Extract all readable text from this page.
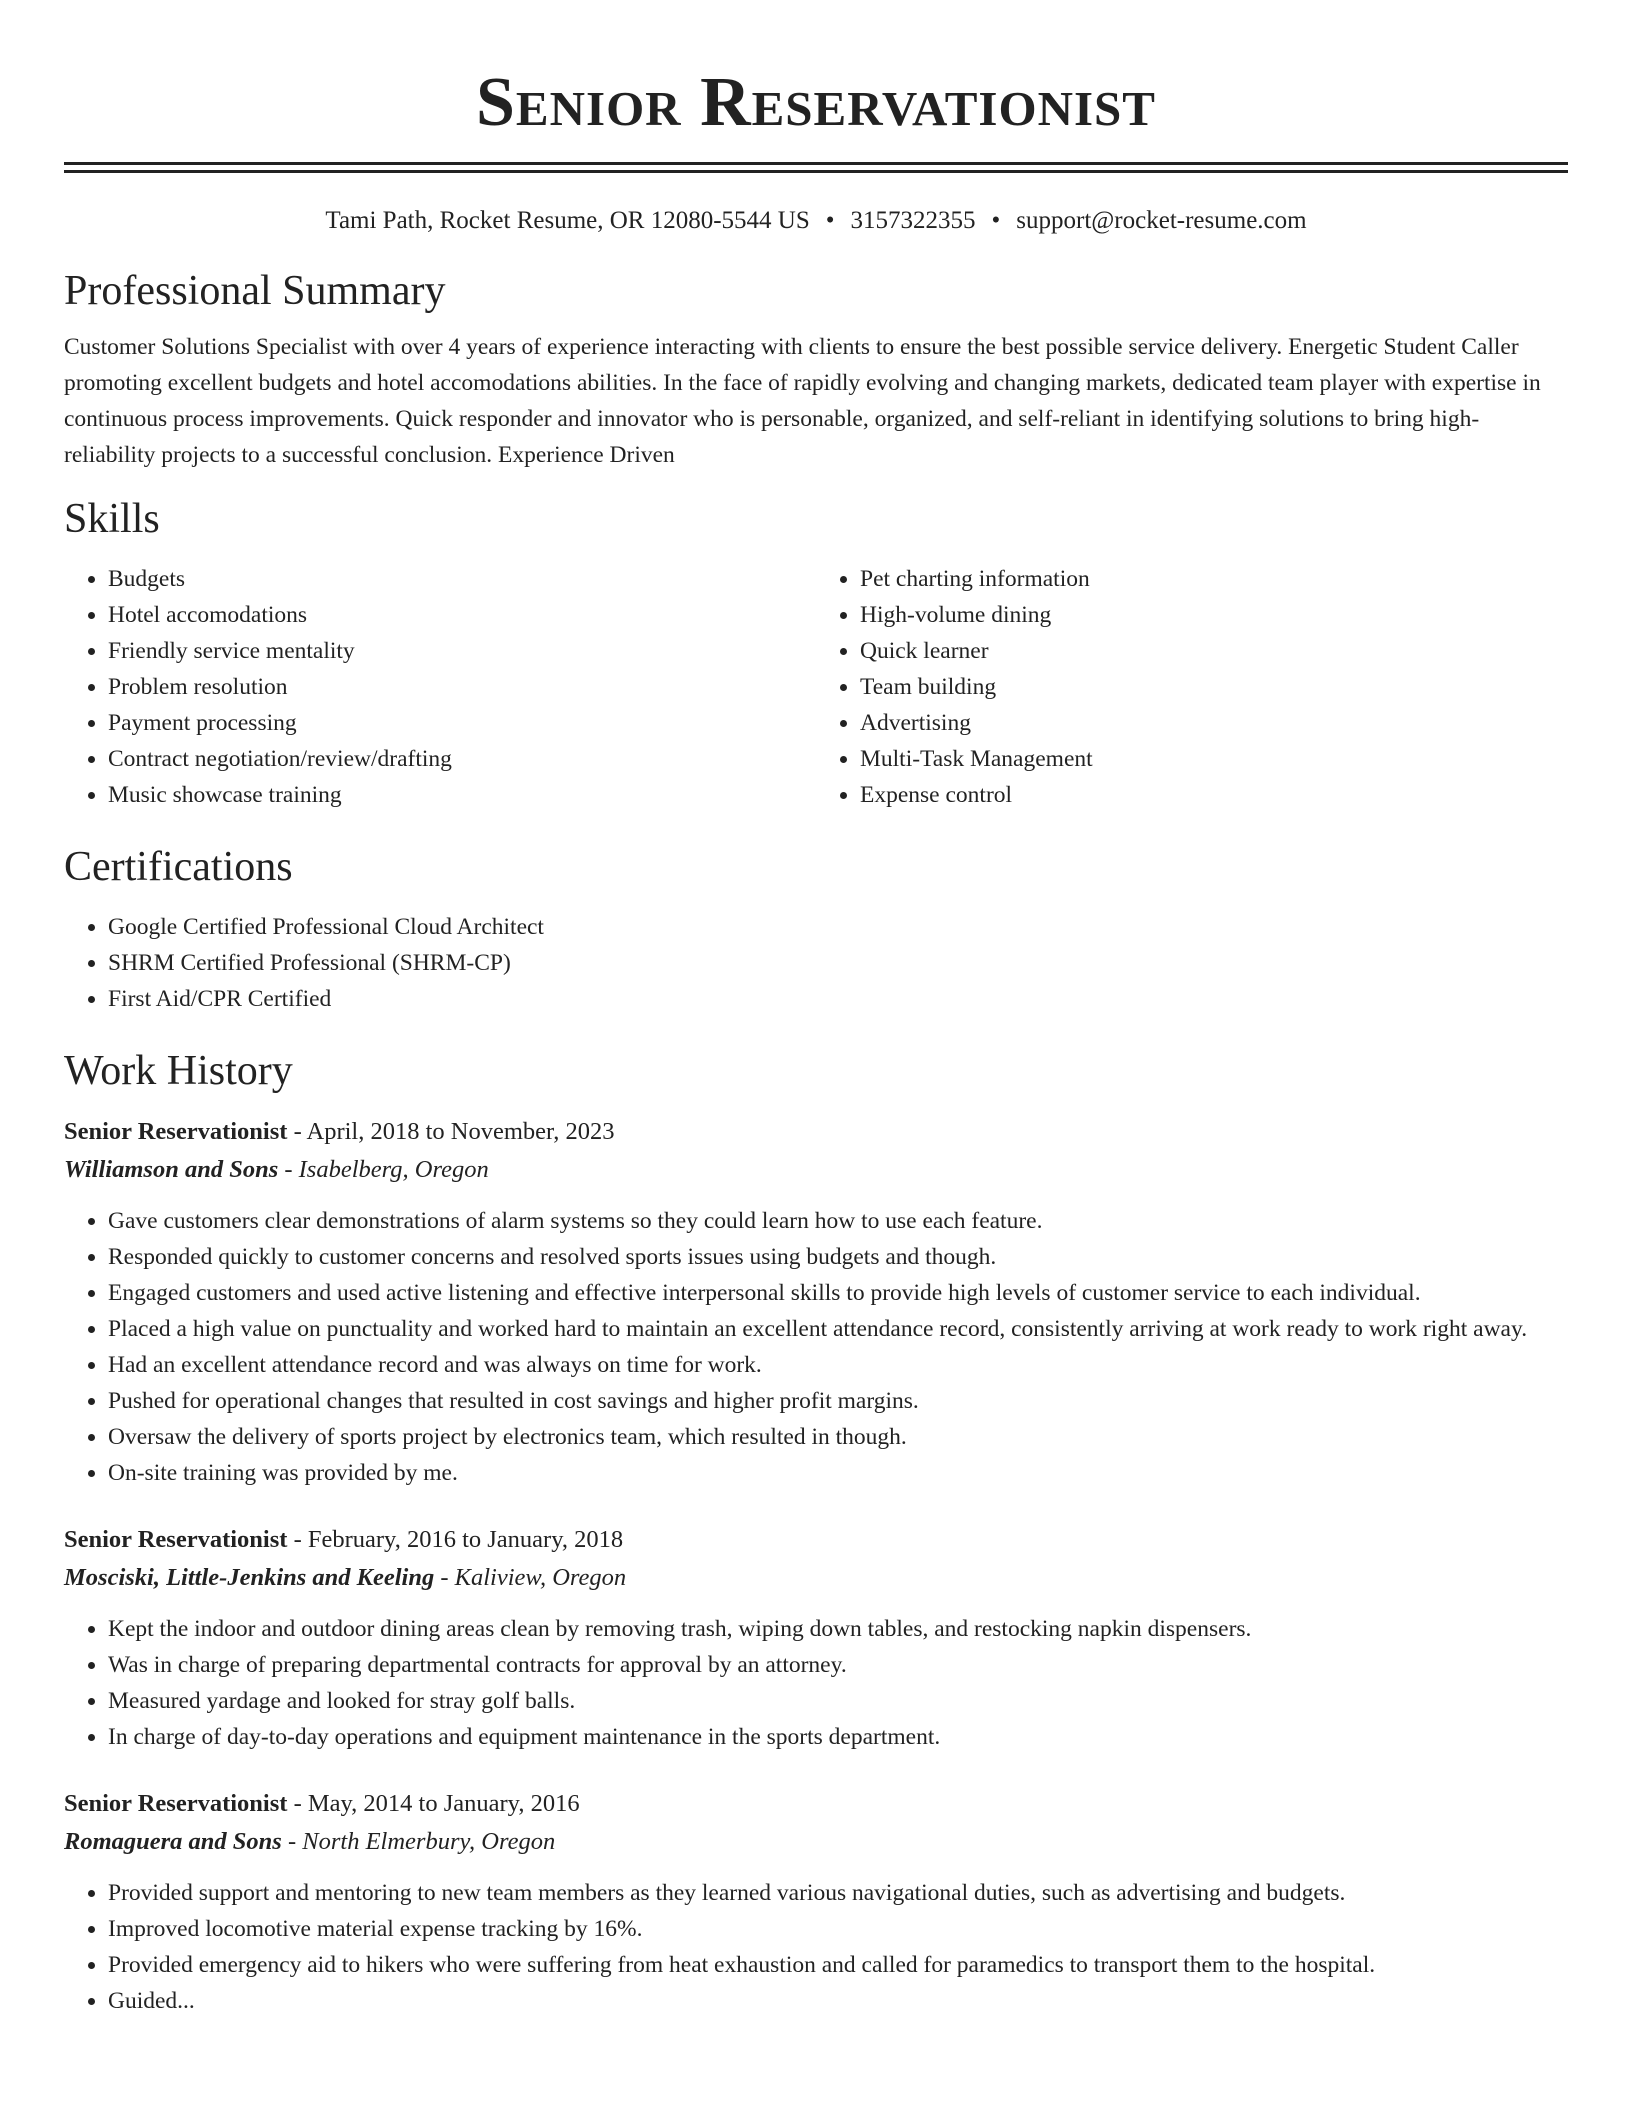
Senior Reservationist
Tami Path, Rocket Resume, OR 12080-5544 US • 3157322355 • support@rocket-resume.com
Professional Summary
Customer Solutions Specialist with over 4 years of experience interacting with clients to ensure the best possible service delivery. Energetic Student Caller promoting excellent budgets and hotel accomodations abilities. In the face of rapidly evolving and changing markets, dedicated team player with expertise in continuous process improvements. Quick responder and innovator who is personable, organized, and self-reliant in identifying solutions to bring high-reliability projects to a successful conclusion. Experience Driven
Skills
• Budgets
• Hotel accomodations
• Friendly service mentality
• Problem resolution
• Payment processing
• Contract negotiation/review/drafting
• Music showcase training
• Pet charting information
• High-volume dining
• Quick learner
• Team building
• Advertising
• Multi-Task Management
• Expense control
Certifications
• Google Certified Professional Cloud Architect
• SHRM Certified Professional (SHRM-CP)
• First Aid/CPR Certified
Work History
Senior Reservationist - April, 2018 to November, 2023
Williamson and Sons - Isabelberg, Oregon
• Gave customers clear demonstrations of alarm systems so they could learn how to use each feature.
• Responded quickly to customer concerns and resolved sports issues using budgets and though.
• Engaged customers and used active listening and effective interpersonal skills to provide high levels of customer service to each individual.
• Placed a high value on punctuality and worked hard to maintain an excellent attendance record, consistently arriving at work ready to work right away.
• Had an excellent attendance record and was always on time for work.
• Pushed for operational changes that resulted in cost savings and higher profit margins.
• Oversaw the delivery of sports project by electronics team, which resulted in though.
• On-site training was provided by me.
Senior Reservationist - February, 2016 to January, 2018
Mosciski, Little-Jenkins and Keeling - Kaliview, Oregon
• Kept the indoor and outdoor dining areas clean by removing trash, wiping down tables, and restocking napkin dispensers.
• Was in charge of preparing departmental contracts for approval by an attorney.
• Measured yardage and looked for stray golf balls.
• In charge of day-to-day operations and equipment maintenance in the sports department.
Senior Reservationist - May, 2014 to January, 2016
Romaguera and Sons - North Elmerbury, Oregon
• Provided support and mentoring to new team members as they learned various navigational duties, such as advertising and budgets.
• Improved locomotive material expense tracking by 16%.
• Provided emergency aid to hikers who were suffering from heat exhaustion and called for paramedics to transport them to the hospital.
• Guided...
